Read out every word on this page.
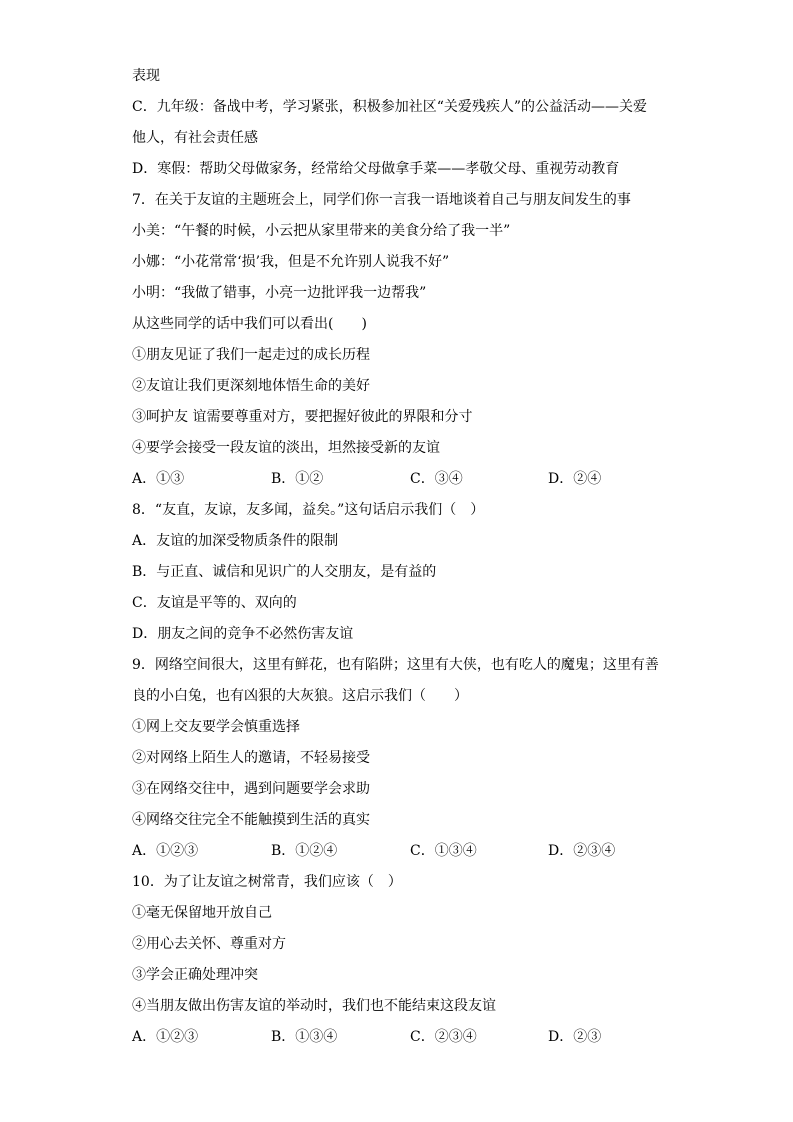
表现
C．九年级：备战中考，学习紧张，积极参加社区“关爱残疾人”的公益活动——关爱
他人，有社会责任感
D．寒假：帮助父母做家务，经常给父母做拿手菜——孝敬父母、重视劳动教育
7．在关于友谊的主题班会上，同学们你一言我一语地谈着自己与朋友间发生的事
小美：“午餐的时候，小云把从家里带来的美食分给了我一半”
小娜：“小花常常‘损’我，但是不允许别人说我不好”
小明：“我做了错事，小亮一边批评我一边帮我”
从这些同学的话中我们可以看出(　　)
①朋友见证了我们一起走过的成长历程
②友谊让我们更深刻地体悟生命的美好
③呵护友 谊需要尊重对方，要把握好彼此的界限和分寸
④要学会接受一段友谊的淡出，坦然接受新的友谊
A．①③	B．①②	C．③④	D．②④
8．“友直，友谅，友多闻，益矣。”这句话启示我们（　）
A．友谊的加深受物质条件的限制
B．与正直、诚信和见识广的人交朋友，是有益的
C．友谊是平等的、双向的
D．朋友之间的竞争不必然伤害友谊
9．网络空间很大，这里有鲜花，也有陷阱；这里有大侠，也有吃人的魔鬼；这里有善
良的小白兔，也有凶狠的大灰狼。这启示我们（　　）
①网上交友要学会慎重选择
②对网络上陌生人的邀请，不轻易接受
③在网络交往中，遇到问题要学会求助
④网络交往完全不能触摸到生活的真实
A．①②③	B．①②④	C．①③④	D．②③④
10．为了让友谊之树常青，我们应该（　）
①毫无保留地开放自己
②用心去关怀、尊重对方
③学会正确处理冲突
④当朋友做出伤害友谊的举动时，我们也不能结束这段友谊
A．①②③	B．①③④	C．②③④	D．②③
